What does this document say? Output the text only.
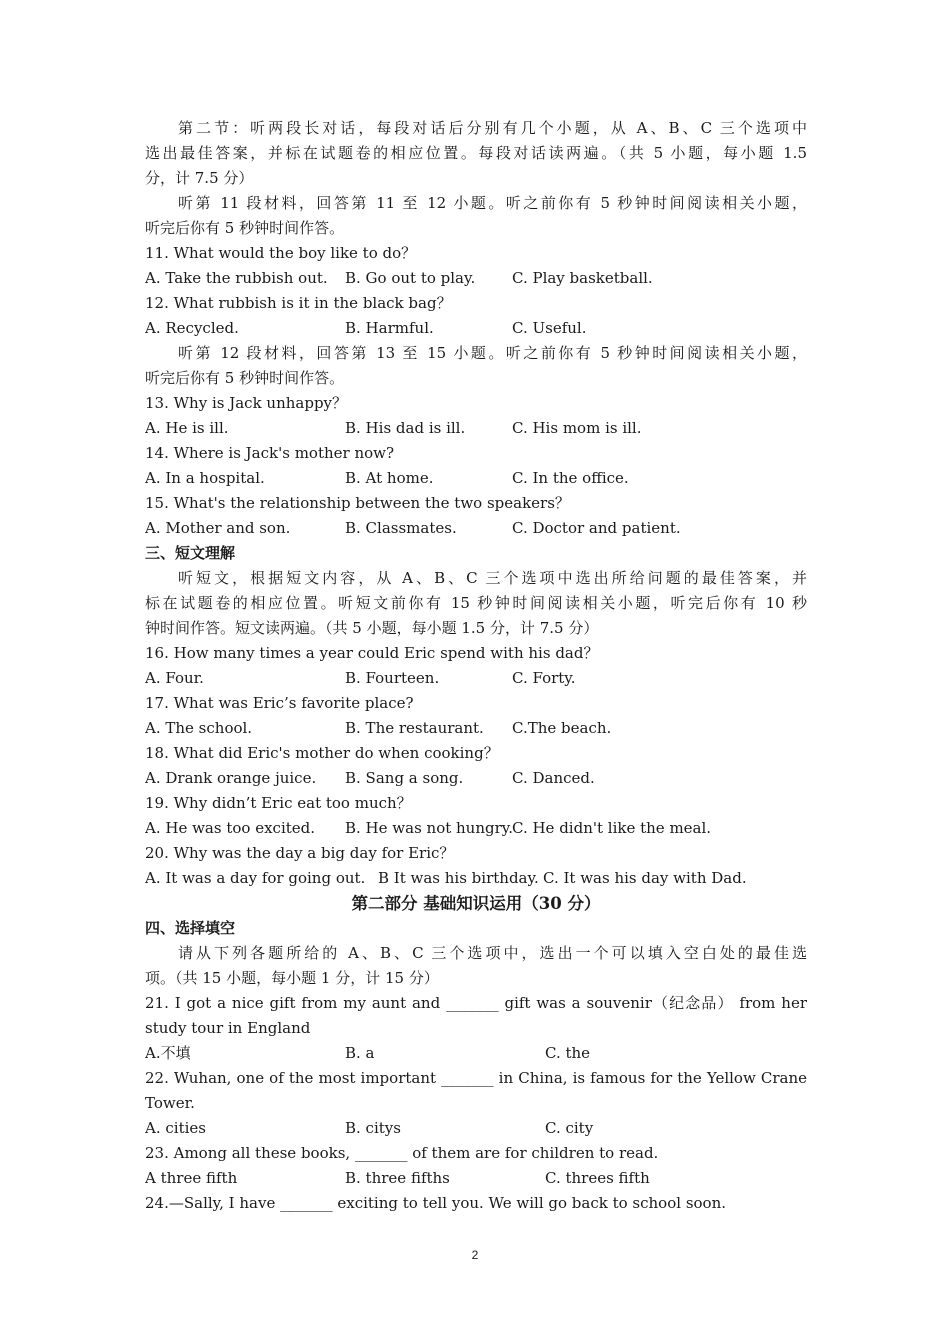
第二节：听两段长对话，每段对话后分别有几个小题，从 A、B、C 三个选项中
选出最佳答案，并标在试题卷的相应位置。每段对话读两遍。（共 5 小题，每小题 1.5
分，计 7.5 分）
听第 11 段材料，回答第 11 至 12 小题。听之前你有 5 秒钟时间阅读相关小题，
听完后你有 5 秒钟时间作答。
11. What would the boy like to do？
A. Take the rubbish out. B. Go out to play. C. Play basketball.
12. What rubbish is it in the black bag？
A. Recycled.	B. Harmful.	C. Useful.
听第 12 段材料，回答第 13 至 15 小题。听之前你有 5 秒钟时间阅读相关小题，
听完后你有 5 秒钟时间作答。
13. Why is Jack unhappy？
A. He is ill.	B. His dad is ill.	C. His mom is ill.
14. Where is Jack's mother now?
A. In a hospital.	B. At home.	C. In the office.
15. What's the relationship between the two speakers？
A. Mother and son.	B. Classmates.	C. Doctor and patient.
三、短文理解
听短文，根据短文内容，从 A、B、C 三个选项中选出所给问题的最佳答案，并
标在试题卷的相应位置。听短文前你有 15 秒钟时间阅读相关小题，听完后你有 10 秒
钟时间作答。短文读两遍。（共 5 小题，每小题 1.5 分，计 7.5 分）
16. How many times a year could Eric spend with his dad？
A. Four.	B. Fourteen.	C. Forty.
17. What was Eric’s favorite place?
A. The school.	B. The restaurant. C.The beach.
18. What did Eric's mother do when cooking？
A. Drank orange juice. B. Sang a song.	C. Danced.
19. Why didn’t Eric eat too much？
A. He was too excited. B. He was not hungry.
C. He didn't like the meal.
20. Why was the day a big day for Eric？
A. It was a day for going out. B It was his birthday. C. It was his day with Dad.
第二部分 基础知识运用（30 分）
四、选择填空
请从下列各题所给的 A、B、C 三个选项中，选出一个可以填入空白处的最佳选
项。（共 15 小题，每小题 1 分，计 15 分）
21. I got a nice gift from my aunt and _______ gift was a souvenir（纪念品） from her
study tour in England
A.不填	B. a	C. the
22. Wuhan, one of the most important _______ in China, is famous for the Yellow Crane
Tower.
A. cities	B. citys	C. city
23. Among all these books, _______ of them are for children to read.
A three fifth	B. three fifths	C. threes fifth
24.—Sally, I have _______ exciting to tell you. We will go back to school soon.
2
